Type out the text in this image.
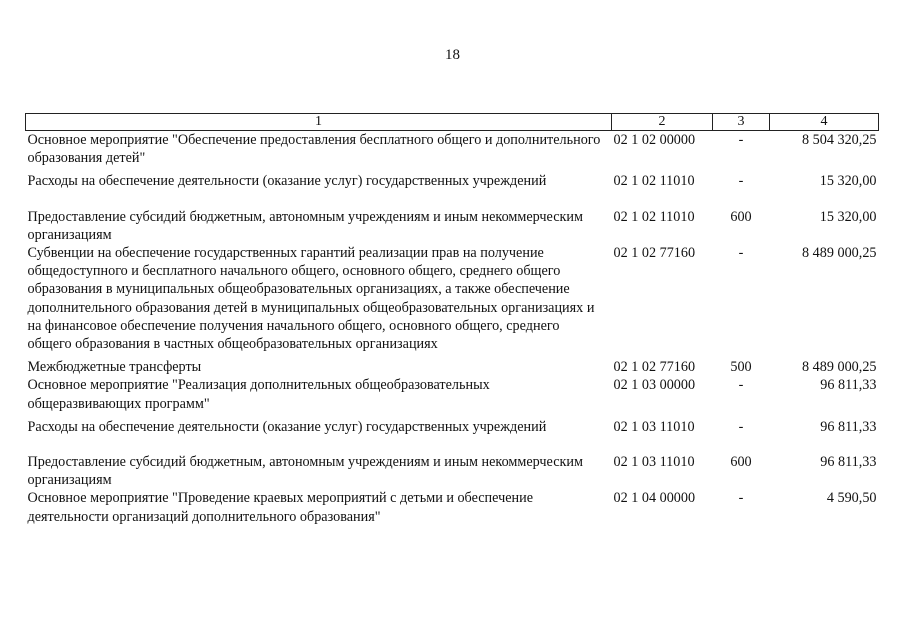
18
1	2	3	4
Основное мероприятие "Обеспечение предоставления бесплатного общего и дополнительного образования детей"	02 1 02 00000	-	8 504 320,25
Расходы на обеспечение деятельности (оказание услуг) государственных учреждений	02 1 02 11010	-	15 320,00
Предоставление субсидий бюджетным, автономным учреждениям и иным некоммерческим организациям	02 1 02 11010	600	15 320,00
Субвенции на обеспечение государственных гарантий реализации прав на получение общедоступного и бесплатного начального общего, основного общего, среднего общего образования в муниципальных общеобразовательных организациях, а также обеспечение дополнительного образования детей в муниципальных общеобразовательных организациях и на финансовое обеспечение получения начального общего, основного общего, среднего общего образования в частных общеобразовательных организациях	02 1 02 77160	-	8 489 000,25
Межбюджетные трансферты	02 1 02 77160	500	8 489 000,25
Основное мероприятие "Реализация дополнительных общеобразовательных общеразвивающих программ"	02 1 03 00000	-	96 811,33
Расходы на обеспечение деятельности (оказание услуг) государственных учреждений	02 1 03 11010	-	96 811,33
Предоставление субсидий бюджетным, автономным учреждениям и иным некоммерческим организациям	02 1 03 11010	600	96 811,33
Основное мероприятие "Проведение краевых мероприятий с детьми и обеспечение деятельности организаций дополнительного образования"	02 1 04 00000	-	4 590,50
